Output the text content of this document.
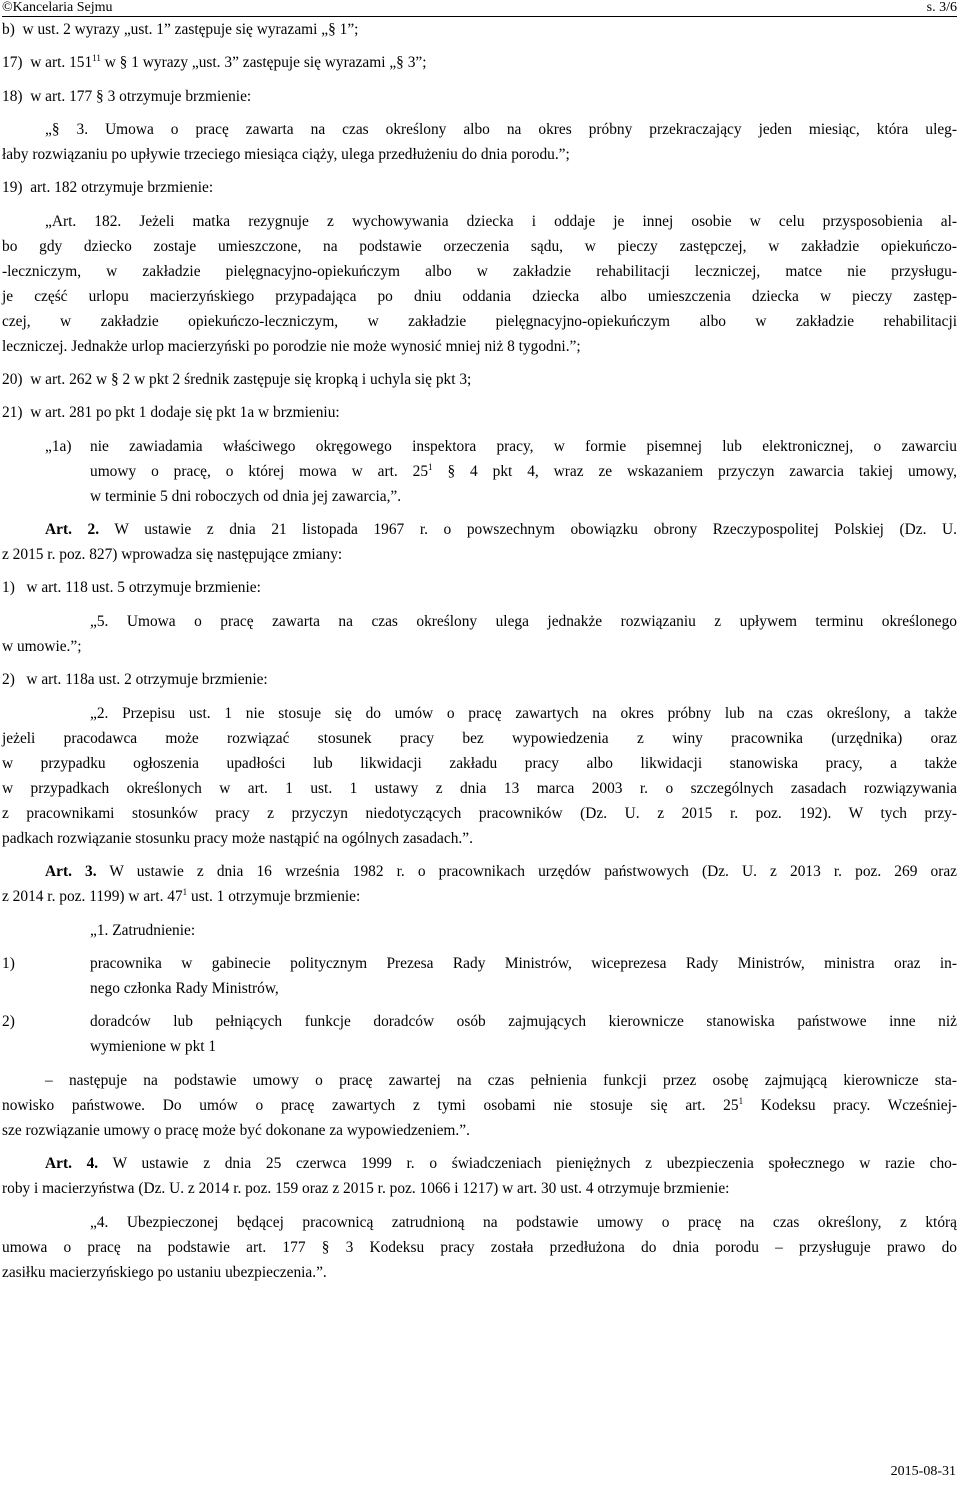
©Kancelaria Sejmu	s. 3/6
b)  w ust. 2 wyrazy „ust. 1” zastępuje się wyrazami „§ 1”;
17)  w art. $151^{11}$ w § 1 wyrazy „ust. 3” zastępuje się wyrazami „§ 3”;
18)  w art. 177 § 3 otrzymuje brzmienie:
„§ 3. Umowa o pracę zawarta na czas określony albo na okres próbny przekraczający jeden miesiąc, która uleg-
łaby rozwiązaniu po upływie trzeciego miesiąca ciąży, ulega przedłużeniu do dnia porodu.”;
19)  art. 182 otrzymuje brzmienie:
„Art. 182. Jeżeli matka rezygnuje z wychowywania dziecka i oddaje je innej osobie w celu przysposobienia al-
bo gdy dziecko zostaje umieszczone, na podstawie orzeczenia sądu, w pieczy zastępczej, w zakładzie opiekuńczo-
-leczniczym, w zakładzie pielęgnacyjno-opiekuńczym albo w zakładzie rehabilitacji leczniczej, matce nie przysługu-
je część urlopu macierzyńskiego przypadająca po dniu oddania dziecka albo umieszczenia dziecka w pieczy zastęp-
czej, w zakładzie opiekuńczo-leczniczym, w zakładzie pielęgnacyjno-opiekuńczym albo w zakładzie rehabilitacji
leczniczej. Jednakże urlop macierzyński po porodzie nie może wynosić mniej niż 8 tygodni.”;
20)  w art. 262 w § 2 w pkt 2 średnik zastępuje się kropką i uchyla się pkt 3;
21)  w art. 281 po pkt 1 dodaje się pkt 1a w brzmieniu:
„1a) nie zawiadamia właściwego okręgowego inspektora pracy, w formie pisemnej lub elektronicznej, o zawarciu
umowy o pracę, o której mowa w art. $25^1$ § 4 pkt 4, wraz ze wskazaniem przyczyn zawarcia takiej umowy,
w terminie 5 dni roboczych od dnia jej zawarcia,”.
Art. 2. W ustawie z dnia 21 listopada 1967 r. o powszechnym obowiązku obrony Rzeczypospolitej Polskiej (Dz. U.
z 2015 r. poz. 827) wprowadza się następujące zmiany:
1)   w art. 118 ust. 5 otrzymuje brzmienie:
„5. Umowa o pracę zawarta na czas określony ulega jednakże rozwiązaniu z upływem terminu określonego
w umowie.”;
2)   w art. 118a ust. 2 otrzymuje brzmienie:
„2. Przepisu ust. 1 nie stosuje się do umów o pracę zawartych na okres próbny lub na czas określony, a także
jeżeli pracodawca może rozwiązać stosunek pracy bez wypowiedzenia z winy pracownika (urzędnika) oraz
w przypadku ogłoszenia upadłości lub likwidacji zakładu pracy albo likwidacji stanowiska pracy, a także
w przypadkach określonych w art. 1 ust. 1 ustawy z dnia 13 marca 2003 r. o szczególnych zasadach rozwiązywania
z pracownikami stosunków pracy z przyczyn niedotyczących pracowników (Dz. U. z 2015 r. poz. 192). W tych przy-
padkach rozwiązanie stosunku pracy może nastąpić na ogólnych zasadach.”.
Art. 3. W ustawie z dnia 16 września 1982 r. o pracownikach urzędów państwowych (Dz. U. z 2013 r. poz. 269 oraz
z 2014 r. poz. 1199) w art. $47^1$ ust. 1 otrzymuje brzmienie:
„1. Zatrudnienie:
1)	pracownika w gabinecie politycznym Prezesa Rady Ministrów, wiceprezesa Rady Ministrów, ministra oraz in-
nego członka Rady Ministrów,
2)	doradców lub pełniących funkcje doradców osób zajmujących kierownicze stanowiska państwowe inne niż
wymienione w pkt 1
– następuje na podstawie umowy o pracę zawartej na czas pełnienia funkcji przez osobę zajmującą kierownicze sta-
nowisko państwowe. Do umów o pracę zawartych z tymi osobami nie stosuje się art. $25^1$ Kodeksu pracy. Wcześniej-
sze rozwiązanie umowy o pracę może być dokonane za wypowiedzeniem.”.
Art. 4. W ustawie z dnia 25 czerwca 1999 r. o świadczeniach pieniężnych z ubezpieczenia społecznego w razie cho-
roby i macierzyństwa (Dz. U. z 2014 r. poz. 159 oraz z 2015 r. poz. 1066 i 1217) w art. 30 ust. 4 otrzymuje brzmienie:
„4. Ubezpieczonej będącej pracownicą zatrudnioną na podstawie umowy o pracę na czas określony, z którą
umowa o pracę na podstawie art. 177 § 3 Kodeksu pracy została przedłużona do dnia porodu – przysługuje prawo do
zasiłku macierzyńskiego po ustaniu ubezpieczenia.”.
2015-08-31
